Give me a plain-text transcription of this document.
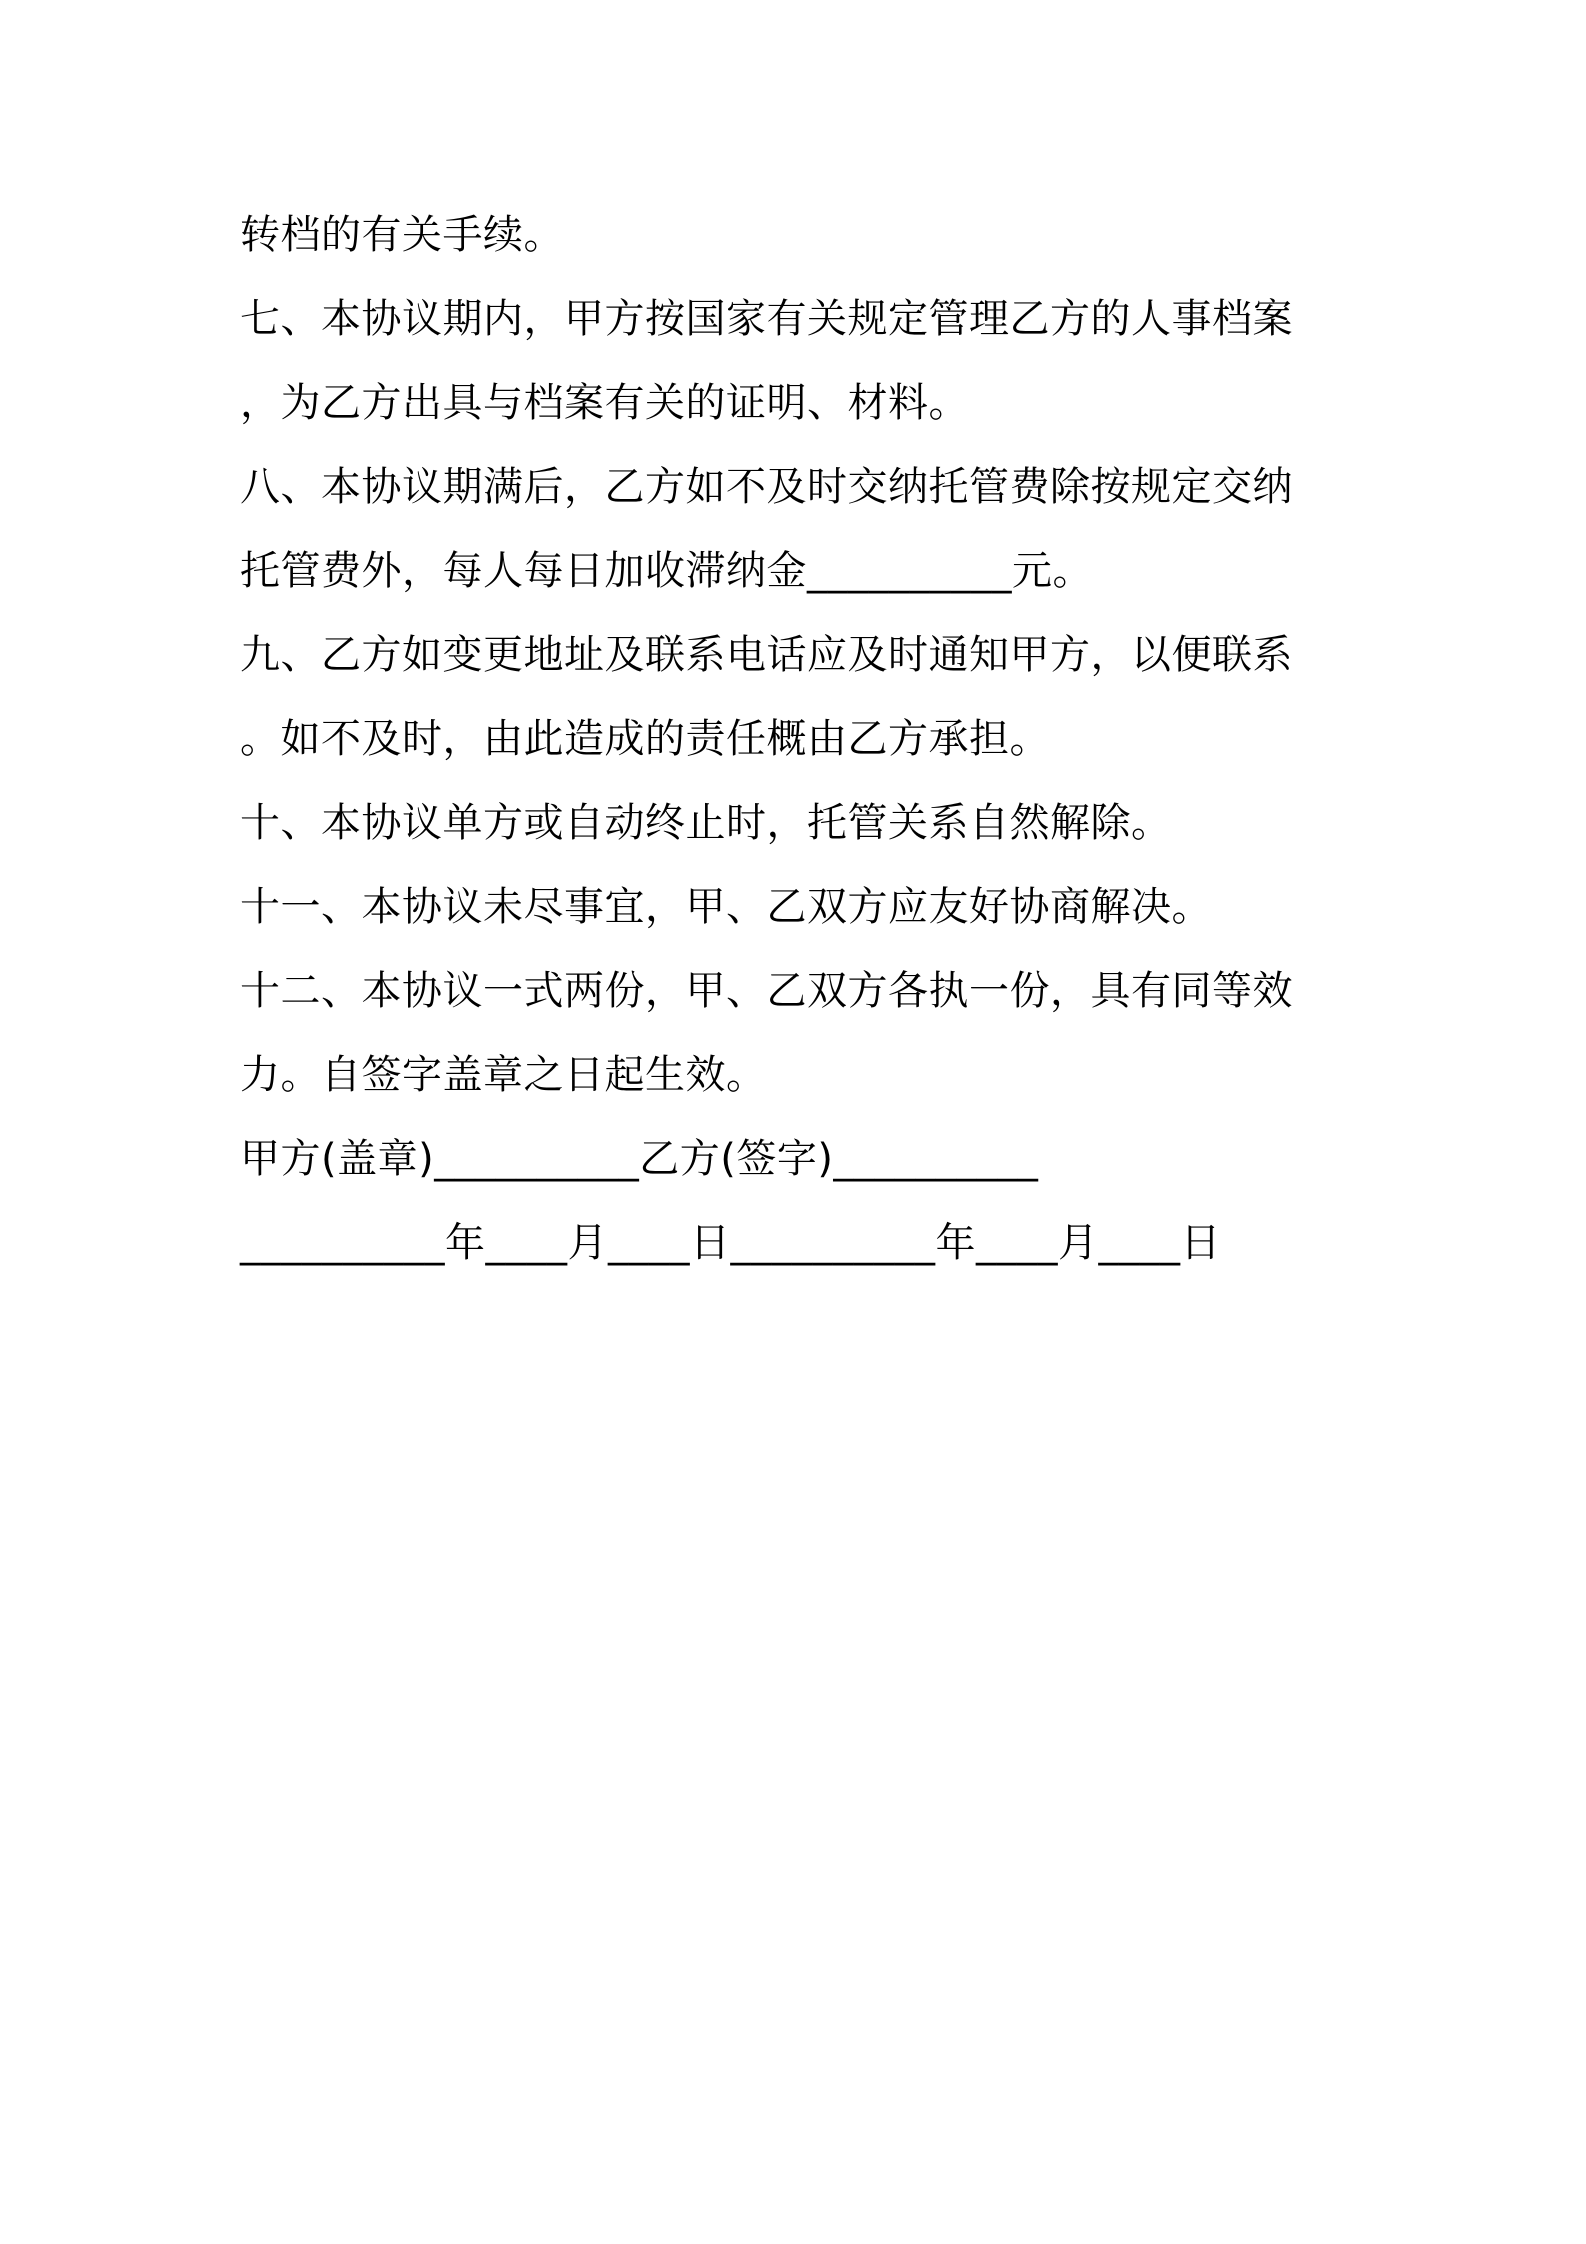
转档的有关手续。
七、本协议期内，甲方按国家有关规定管理乙方的人事档案
，为乙方出具与档案有关的证明、材料。
八、本协议期满后，乙方如不及时交纳托管费除按规定交纳
托管费外，每人每日加收滞纳金__________元。
九、乙方如变更地址及联系电话应及时通知甲方，以便联系
。如不及时，由此造成的责任概由乙方承担。
十、本协议单方或自动终止时，托管关系自然解除。
十一、本协议未尽事宜，甲、乙双方应友好协商解决。
十二、本协议一式两份，甲、乙双方各执一份，具有同等效
力。自签字盖章之日起生效。
甲方(盖章)__________乙方(签字)__________
__________年____月____日__________年____月____日
